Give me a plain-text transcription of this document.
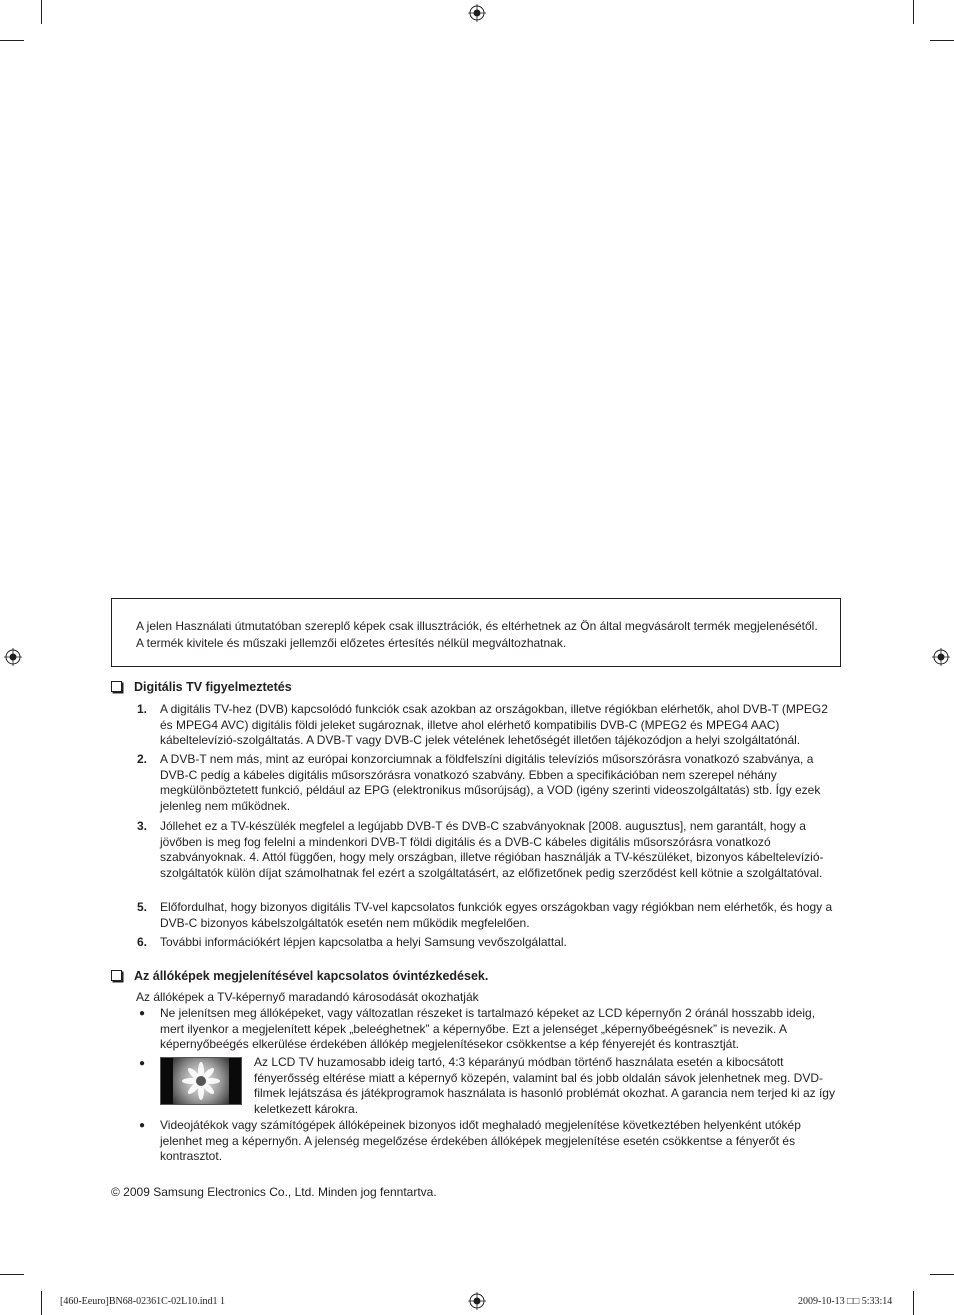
A jelen Használati útmutatóban szereplő képek csak illusztrációk, és eltérhetnek az Ön által megvásárolt termék megjelenésétől.

A termék kivitele és műszaki jellemzői előzetes értesítés nélkül megváltozhatnak.

Digitális TV figyelmeztetés
1. A digitális TV-hez (DVB) kapcsolódó funkciók csak azokban az országokban, illetve régiókban elérhetők, ahol DVB-T (MPEG2 és MPEG4 AVC) digitális földi jeleket sugároznak, illetve ahol elérhető kompatibilis DVB-C (MPEG2 és MPEG4 AAC) kábeltelevízió-szolgáltatás. A DVB-T vagy DVB-C jelek vételének lehetőségét illetően tájékozódjon a helyi szolgáltatónál.
2. A DVB-T nem más, mint az európai konzorciumnak a földfelszíni digitális televíziós műsorszórásra vonatkozó szabványa, a DVB-C pedig a kábeles digitális műsorszórásra vonatkozó szabvány. Ebben a specifikációban nem szerepel néhány megkülönböztetett funkció, például az EPG (elektronikus műsorújság), a VOD (igény szerinti videoszolgáltatás) stb. Így ezek jelenleg nem működnek.
3. Jóllehet ez a TV-készülék megfelel a legújabb DVB-T és DVB-C szabványoknak [2008. augusztus], nem garantált, hogy a jövőben is meg fog felelni a mindenkori DVB-T földi digitális és a DVB-C kábeles digitális műsorszórásra vonatkozó szabványoknak. 4. Attól függően, hogy mely országban, illetve régióban használják a TV-készüléket, bizonyos kábeltelevízió-szolgáltatók külön díjat számolhatnak fel ezért a szolgáltatásért, az előfizetőnek pedig szerződést kell kötnie a szolgáltatóval.
5. Előfordulhat, hogy bizonyos digitális TV-vel kapcsolatos funkciók egyes országokban vagy régiókban nem elérhetők, és hogy a DVB-C bizonyos kábelszolgáltatók esetén nem működik megfelelően.
6. További információkért lépjen kapcsolatba a helyi Samsung vevőszolgálattal.
Az állóképek megjelenítésével kapcsolatos óvintézkedések.
Az állóképek a TV-képernyő maradandó károsodását okozhatják
● Ne jelenítsen meg állóképeket, vagy változatlan részeket is tartalmazó képeket az LCD képernyőn 2 óránál hosszabb ideig, mert ilyenkor a megjelenített képek „beleéghetnek” a képernyőbe. Ezt a jelenséget „képernyőbeégésnek” is nevezik. A képernyőbeégés elkerülése érdekében állókép megjelenítésekor csökkentse a kép fényerejét és kontrasztját.
●	Az LCD TV huzamosabb ideig tartó, 4:3 képarányú módban történő használata esetén a kibocsátott fényerősség eltérése miatt a képernyő közepén, valamint bal és jobb oldalán sávok jelenhetnek meg. DVD-filmek lejátszása és játékprogramok használata is hasonló problémát okozhat. A garancia nem terjed ki az így keletkezett károkra.
● Videojátékok vagy számítógépek állóképeinek bizonyos időt meghaladó megjelenítése következtében helyenként utókép jelenhet meg a képernyőn. A jelenség megelőzése érdekében állóképek megjelenítése esetén csökkentse a fényerőt és kontrasztot.
© 2009 Samsung Electronics Co., Ltd. Minden jog fenntartva.
[460-Eeuro]BN68-02361C-02L10.ind1 1	2009-10-13 □□ 5:33:14
